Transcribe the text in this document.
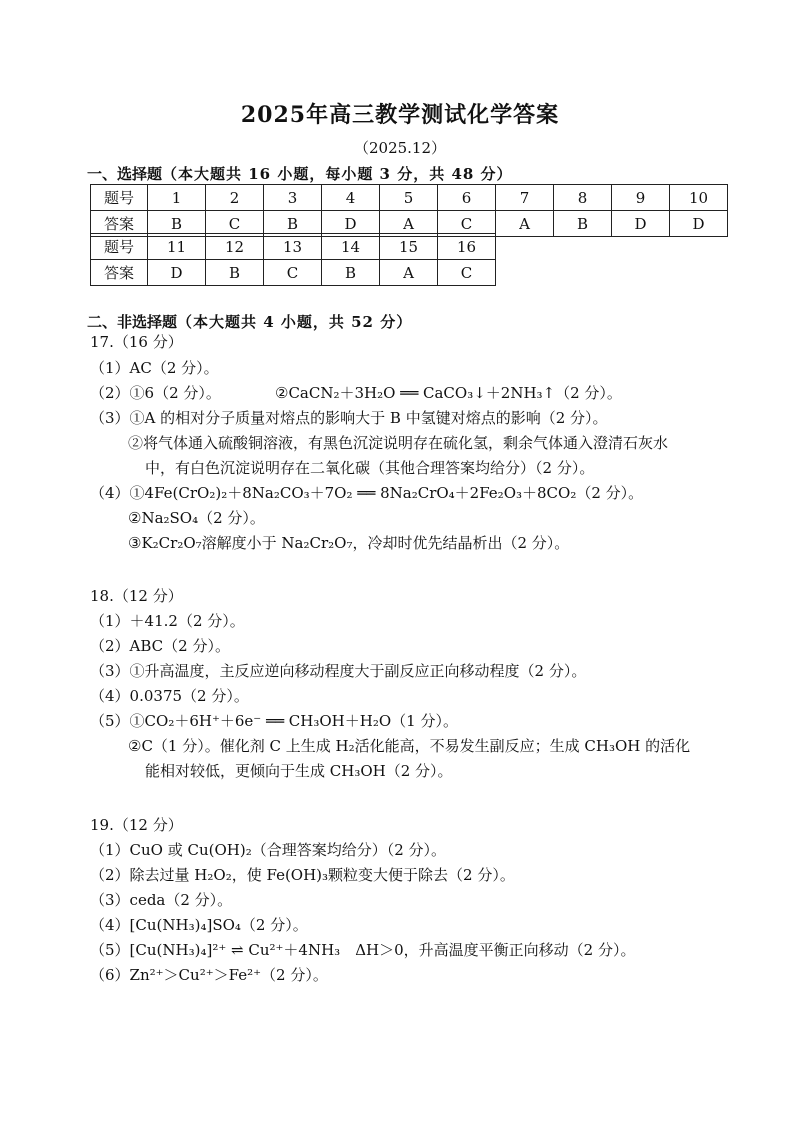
2025年高三教学测试化学答案
（2025.12）
一、选择题（本大题共 16 小题，每小题 3 分，共 48 分）
题号	1	2	3	4	5	6	7	8	9	10
答案	B	C	B	D	A	C	A	B	D	D
题号	11	12	13	14	15	16
答案	D	B	C	B	A	C
二、非选择题（本大题共 4 小题，共 52 分）
17.（16 分）
（1）AC（2 分）。
（2）①6（2 分）。	②CaCN₂＋3H₂O ══ CaCO₃↓＋2NH₃↑（2 分）。
（3）①A 的相对分子质量对熔点的影响大于 B 中氢键对熔点的影响（2 分）。
②将气体通入硫酸铜溶液，有黑色沉淀说明存在硫化氢，剩余气体通入澄清石灰水
中，有白色沉淀说明存在二氧化碳（其他合理答案均给分）（2 分）。
（4）①4Fe(CrO₂)₂＋8Na₂CO₃＋7O₂ ══ 8Na₂CrO₄＋2Fe₂O₃＋8CO₂（2 分）。
②Na₂SO₄（2 分）。
③K₂Cr₂O₇溶解度小于 Na₂Cr₂O₇，冷却时优先结晶析出（2 分）。
18.（12 分）
（1）＋41.2（2 分）。
（2）ABC（2 分）。
（3）①升高温度，主反应逆向移动程度大于副反应正向移动程度（2 分）。
（4）0.0375（2 分）。
（5）①CO₂＋6H⁺＋6e⁻ ══ CH₃OH＋H₂O（1 分）。
②C（1 分）。催化剂 C 上生成 H₂活化能高，不易发生副反应；生成 CH₃OH 的活化
能相对较低，更倾向于生成 CH₃OH（2 分）。
19.（12 分）
（1）CuO 或 Cu(OH)₂（合理答案均给分）（2 分）。
（2）除去过量 H₂O₂，使 Fe(OH)₃颗粒变大便于除去（2 分）。
（3）ceda（2 分）。
（4）[Cu(NH₃)₄]SO₄（2 分）。
（5）[Cu(NH₃)₄]²⁺ ⇌ Cu²⁺＋4NH₃　ΔH＞0，升高温度平衡正向移动（2 分）。
（6）Zn²⁺＞Cu²⁺＞Fe²⁺（2 分）。
